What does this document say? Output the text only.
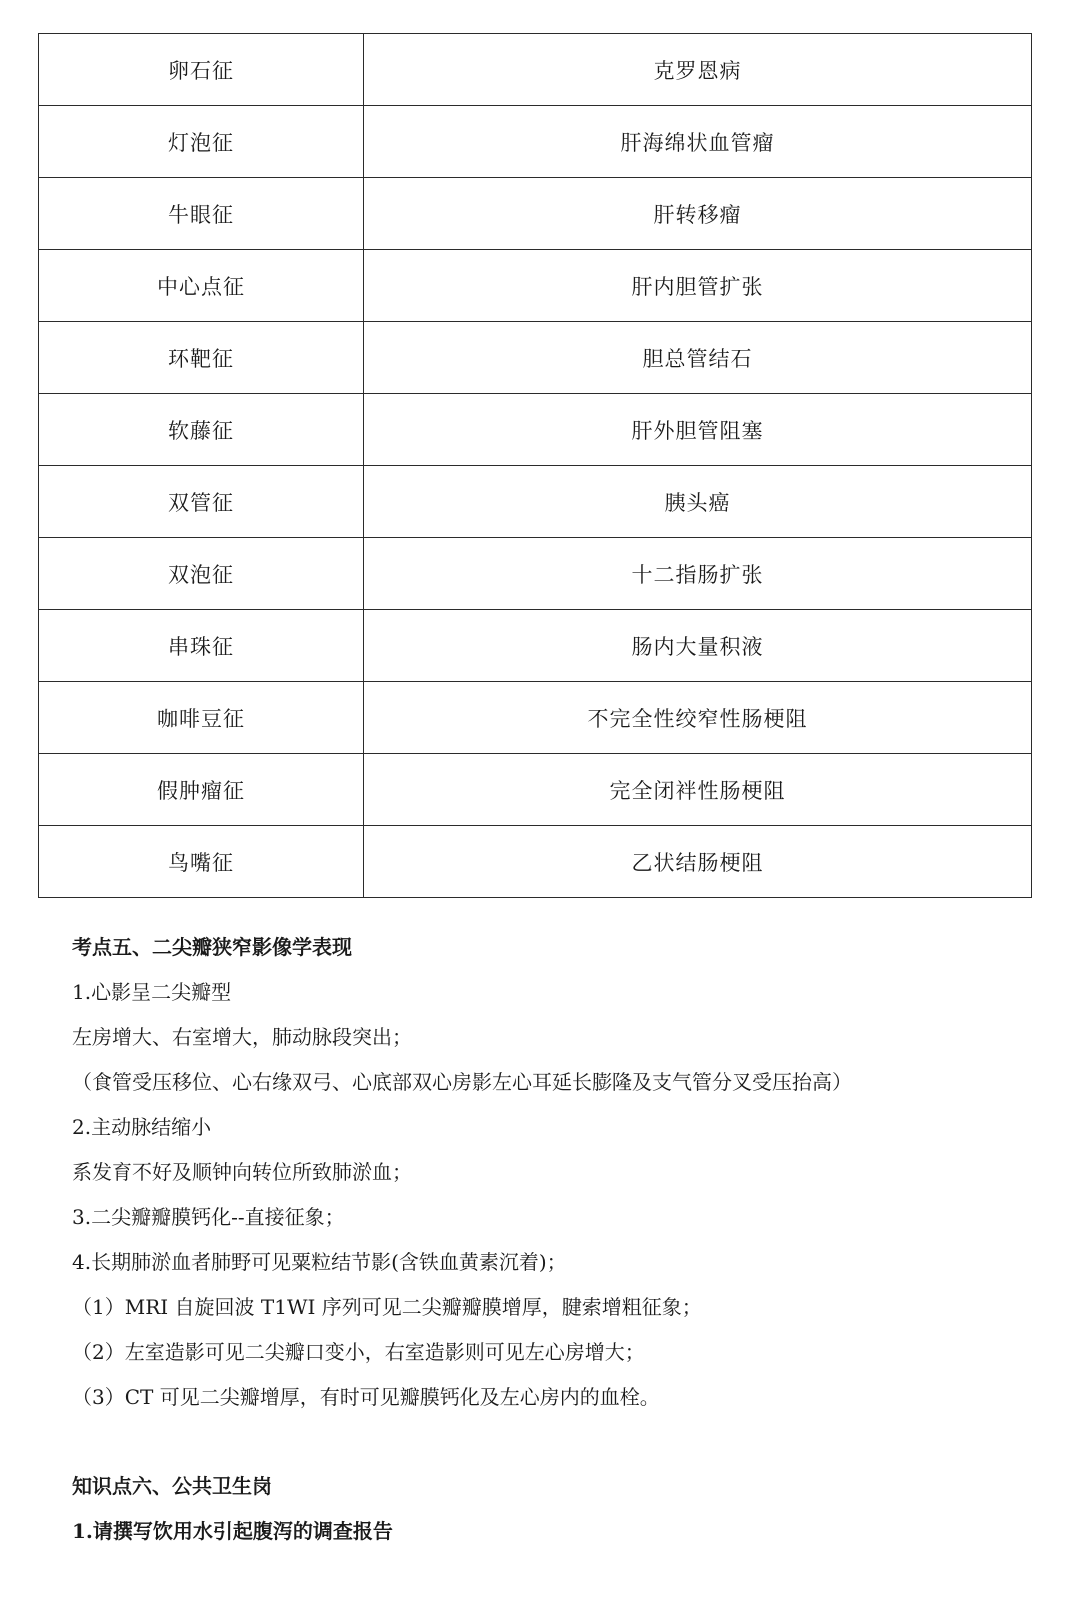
卵石征	克罗恩病
灯泡征	肝海绵状血管瘤
牛眼征	肝转移瘤
中心点征	肝内胆管扩张
环靶征	胆总管结石
软藤征	肝外胆管阻塞
双管征	胰头癌
双泡征	十二指肠扩张
串珠征	肠内大量积液
咖啡豆征	不完全性绞窄性肠梗阻
假肿瘤征	完全闭袢性肠梗阻
鸟嘴征	乙状结肠梗阻
考点五、二尖瓣狭窄影像学表现
1.心影呈二尖瓣型
左房增大、右室增大，肺动脉段突出；
（食管受压移位、心右缘双弓、心底部双心房影左心耳延长膨隆及支气管分叉受压抬高）
2.主动脉结缩小
系发育不好及顺钟向转位所致肺淤血；
3.二尖瓣瓣膜钙化--直接征象；
4.长期肺淤血者肺野可见粟粒结节影(含铁血黄素沉着)；
（1）MRI 自旋回波 T1WI 序列可见二尖瓣瓣膜增厚，腱索增粗征象；
（2）左室造影可见二尖瓣口变小，右室造影则可见左心房增大；
（3）CT 可见二尖瓣增厚，有时可见瓣膜钙化及左心房内的血栓。
知识点六、公共卫生岗
1.请撰写饮用水引起腹泻的调查报告
